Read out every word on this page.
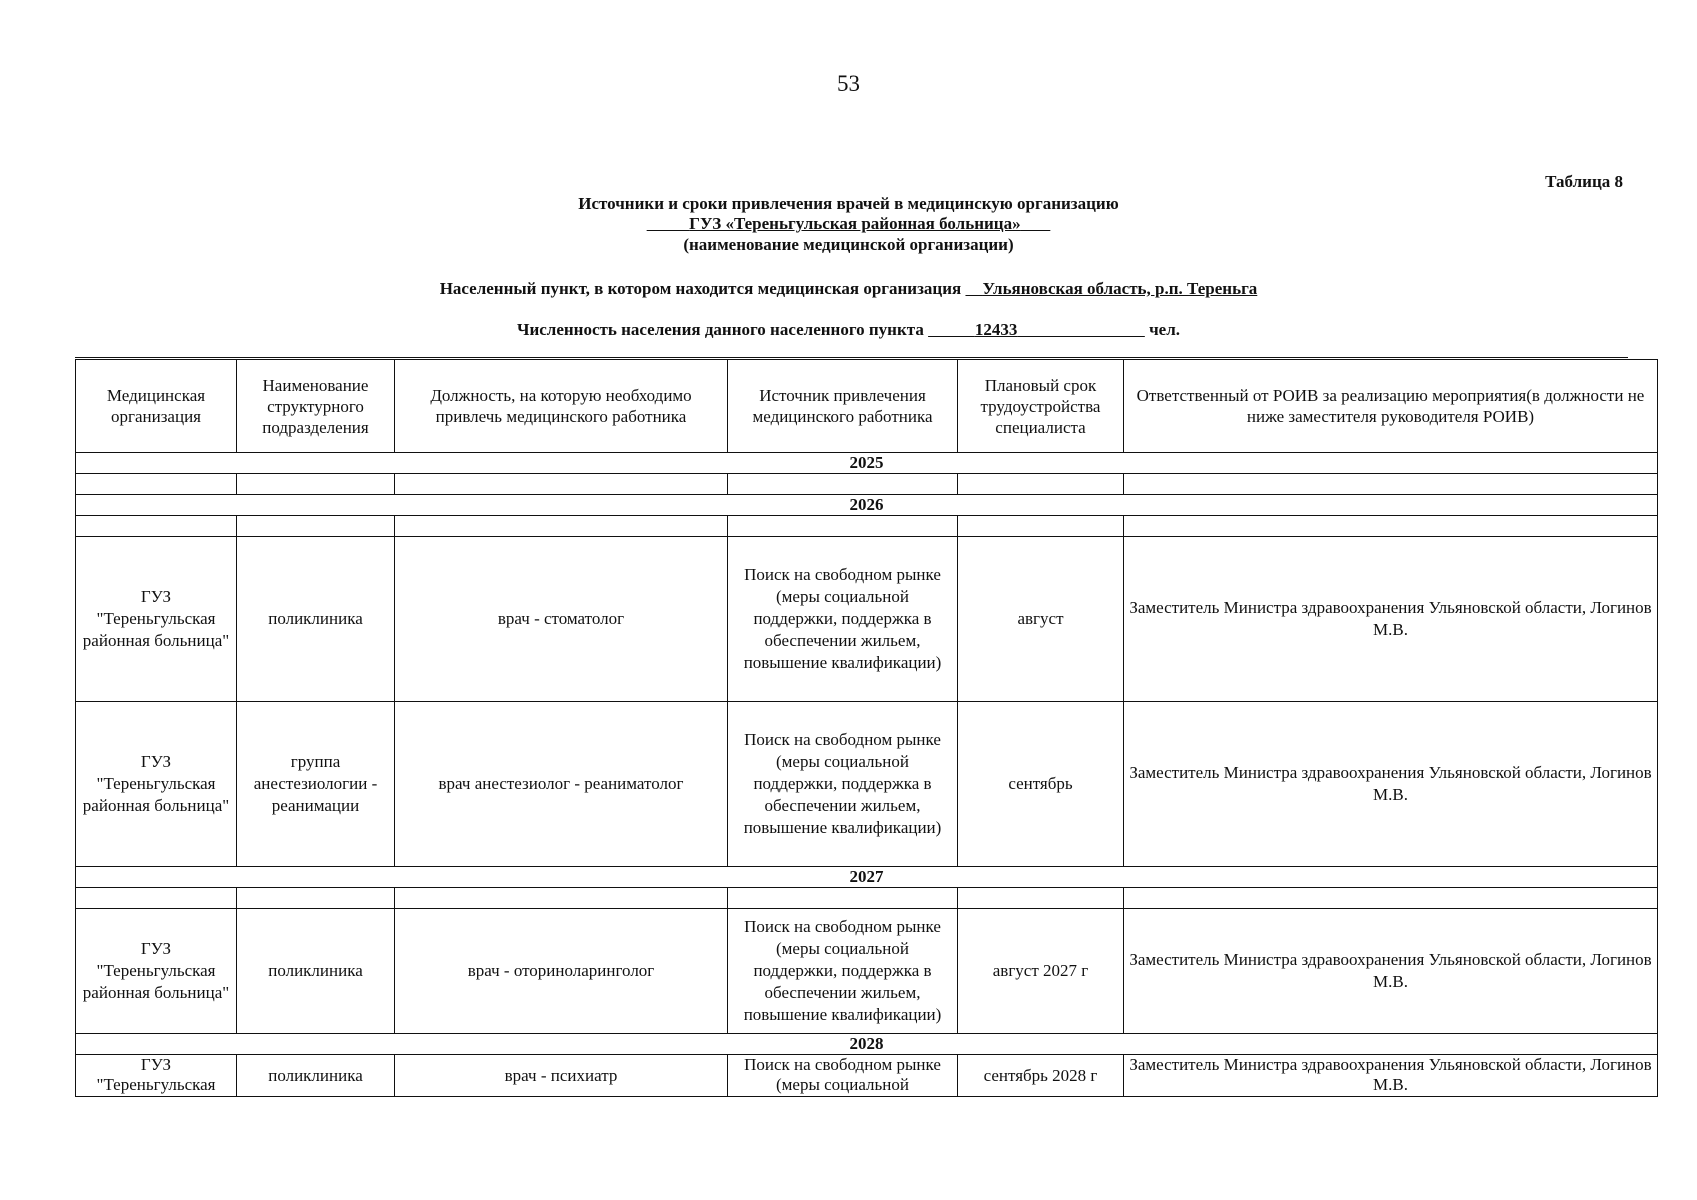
53
Таблица 8
Источники и сроки привлечения врачей в медицинскую организацию
ГУЗ «Тереньгульская районная больница»
(наименование медицинской организации)
Населенный пункт, в котором находится медицинская организация Ульяновская область, р.п. Тереньга
Численность населения данного населенного пункта	12433	чел.
Медицинская организация	Наименование структурного подразделения	Должность, на которую необходимо привлечь медицинского работника	Источник привлечения медицинского работника	Плановый срок трудоустройства специалиста	Ответственный от РОИВ за реализацию мероприятия(в должности не ниже заместителя руководителя РОИВ)
2025					

2026					

ГУЗ "Тереньгульская районная больница"	поликлиника	врач - стоматолог	Поиск на свободном рынке (меры социальной поддержки, поддержка в обеспечении жильем, повышение квалификации)	август	Заместитель Министра здравоохранения Ульяновской области, Логинов М.В.
ГУЗ "Тереньгульская районная больница"	группа анестезиологии - реанимации	врач анестезиолог - реаниматолог	Поиск на свободном рынке (меры социальной поддержки, поддержка в обеспечении жильем, повышение квалификации)	сентябрь	Заместитель Министра здравоохранения Ульяновской области, Логинов М.В.
2027					

ГУЗ "Тереньгульская районная больница"	поликлиника	врач - оториноларинголог	Поиск на свободном рынке (меры социальной поддержки, поддержка в обеспечении жильем, повышение квалификации)	август 2027 г	Заместитель Министра здравоохранения Ульяновской области, Логинов М.В.
2028					
ГУЗ "Тереньгульская	поликлиника	врач - психиатр	Поиск на свободном рынке (меры социальной	сентябрь 2028 г	Заместитель Министра здравоохранения Ульяновской области, Логинов М.В.
